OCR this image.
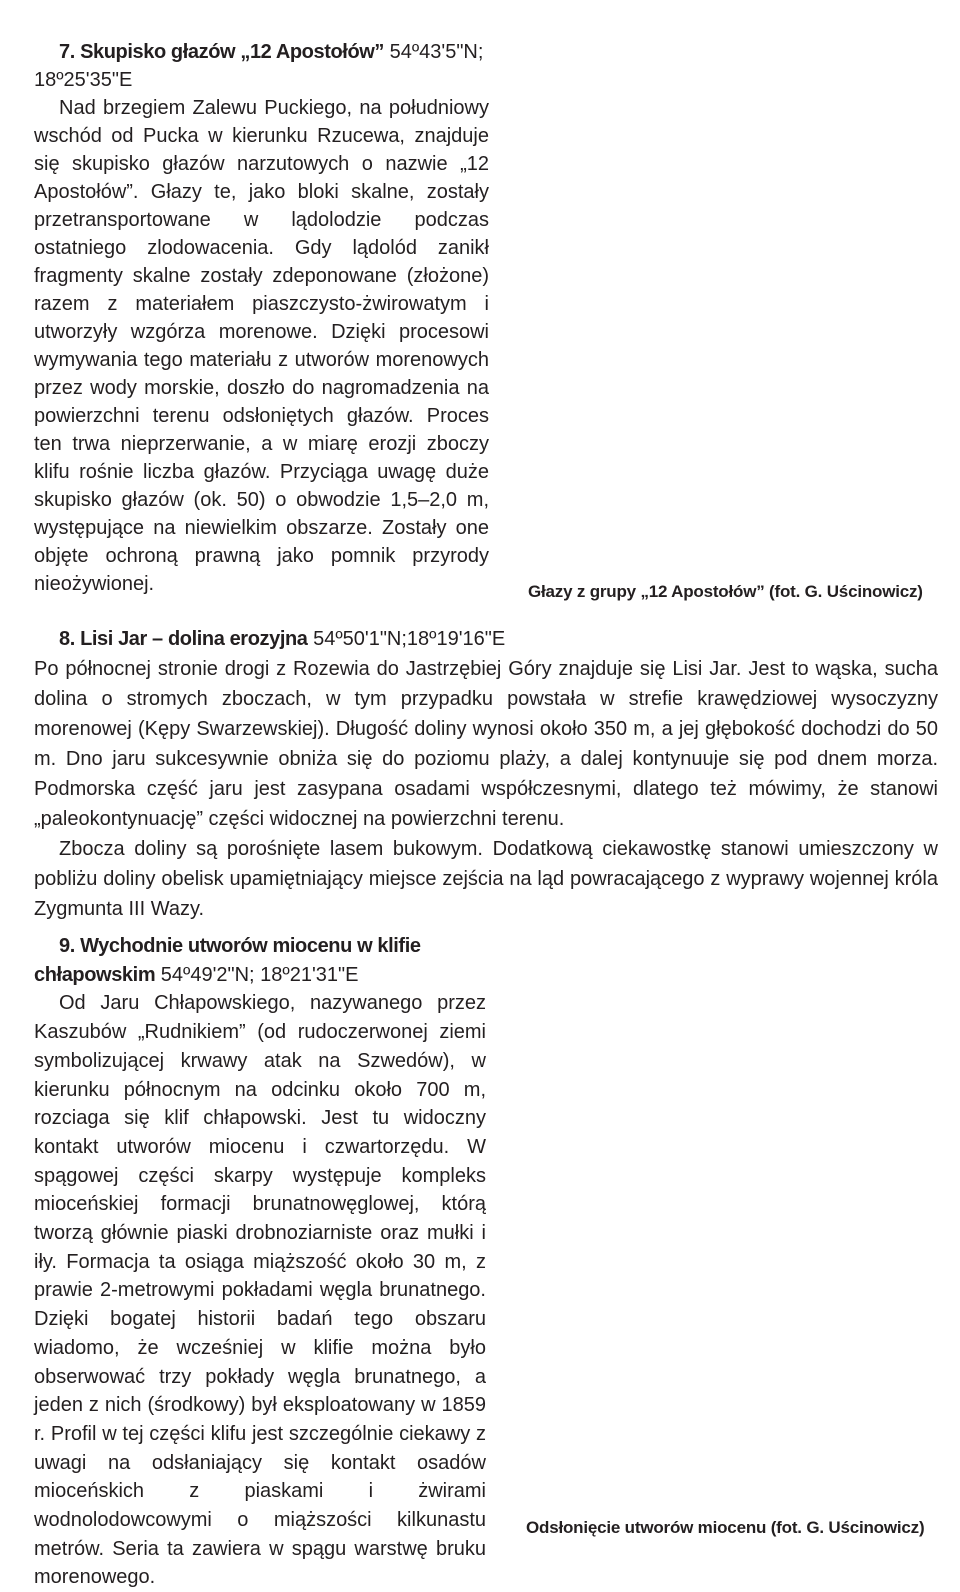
7. Skupisko głazów „12 Apostołów” 54º43'5"N; 18º25'35"E

Nad brzegiem Zalewu Puckiego, na południowy wschód od Pucka w kierunku Rzucewa, znajduje się skupisko głazów narzutowych o nazwie „12 Apostołów”. Głazy te, jako bloki skalne, zostały przetransportowane w lądolodzie podczas ostatniego zlodowacenia. Gdy lądolód zanikł fragmenty skalne zostały zdeponowane (złożone) razem z materiałem piaszczysto-żwirowatym i utworzyły wzgórza morenowe. Dzięki procesowi wymywania tego materiału z utworów morenowych przez wody morskie, doszło do nagromadzenia na powierzchni terenu odsłoniętych głazów. Proces ten trwa nieprzerwanie, a w miarę erozji zboczy klifu rośnie liczba głazów. Przyciąga uwagę duże skupisko głazów (ok. 50) o obwodzie 1,5–2,0 m, występujące na niewielkim obszarze. Zostały one objęte ochroną prawną jako pomnik przyrody nieożywionej.	Głazy z grupy „12 Apostołów” (fot. G. Uścinowicz)

8. Lisi Jar – dolina erozyjna 54º50'1"N;18º19'16"E

Po północnej stronie drogi z Rozewia do Jastrzębiej Góry znajduje się Lisi Jar. Jest to wąska, sucha dolina o stromych zboczach, w tym przypadku powstała w strefie krawędziowej wysoczyzny morenowej (Kępy Swarzewskiej). Długość doliny wynosi około 350 m, a jej głębokość dochodzi do 50 m. Dno jaru sukcesywnie obniża się do poziomu plaży, a dalej kontynuuje się pod dnem morza. Podmorska część jaru jest zasypana osadami współczesnymi, dlatego też mówimy, że stanowi „paleokontynuację” części widocznej na powierzchni terenu.

Zbocza doliny są porośnięte lasem bukowym. Dodatkową ciekawostkę stanowi umieszczony w pobliżu doliny obelisk upamiętniający miejsce zejścia na ląd powracającego z wyprawy wojennej króla Zygmunta III Wazy.

9. Wychodnie utworów miocenu w klifie chłapowskim 54º49'2"N; 18º21'31"E

Od Jaru Chłapowskiego, nazywanego przez Kaszubów „Rudnikiem” (od rudoczerwonej ziemi symbolizującej krwawy atak na Szwedów), w kierunku północnym na odcinku około 700 m, rozciaga się klif chłapowski. Jest tu widoczny kontakt utworów miocenu i czwartorzędu. W spągowej części skarpy występuje kompleks mioceńskiej formacji brunatnowęglowej, którą tworzą głównie piaski drobnoziarniste oraz mułki i iły. Formacja ta osiąga miąższość około 30 m, z prawie 2-metrowymi pokładami węgla brunatnego. Dzięki bogatej historii badań tego obszaru wiadomo, że wcześniej w klifie można było obserwować trzy pokłady węgla brunatnego, a jeden z nich (środkowy) był eksploatowany w 1859 r. Profil w tej części klifu jest szczególnie ciekawy z uwagi na odsłaniający się kontakt osadów mioceńskich z piaskami i żwirami wodnolodowcowymi o miąższości kilkunastu metrów. Seria ta zawiera w spągu warstwę bruku morenowego.

Odsłonięcie utworów miocenu (fot. G. Uścinowicz)
